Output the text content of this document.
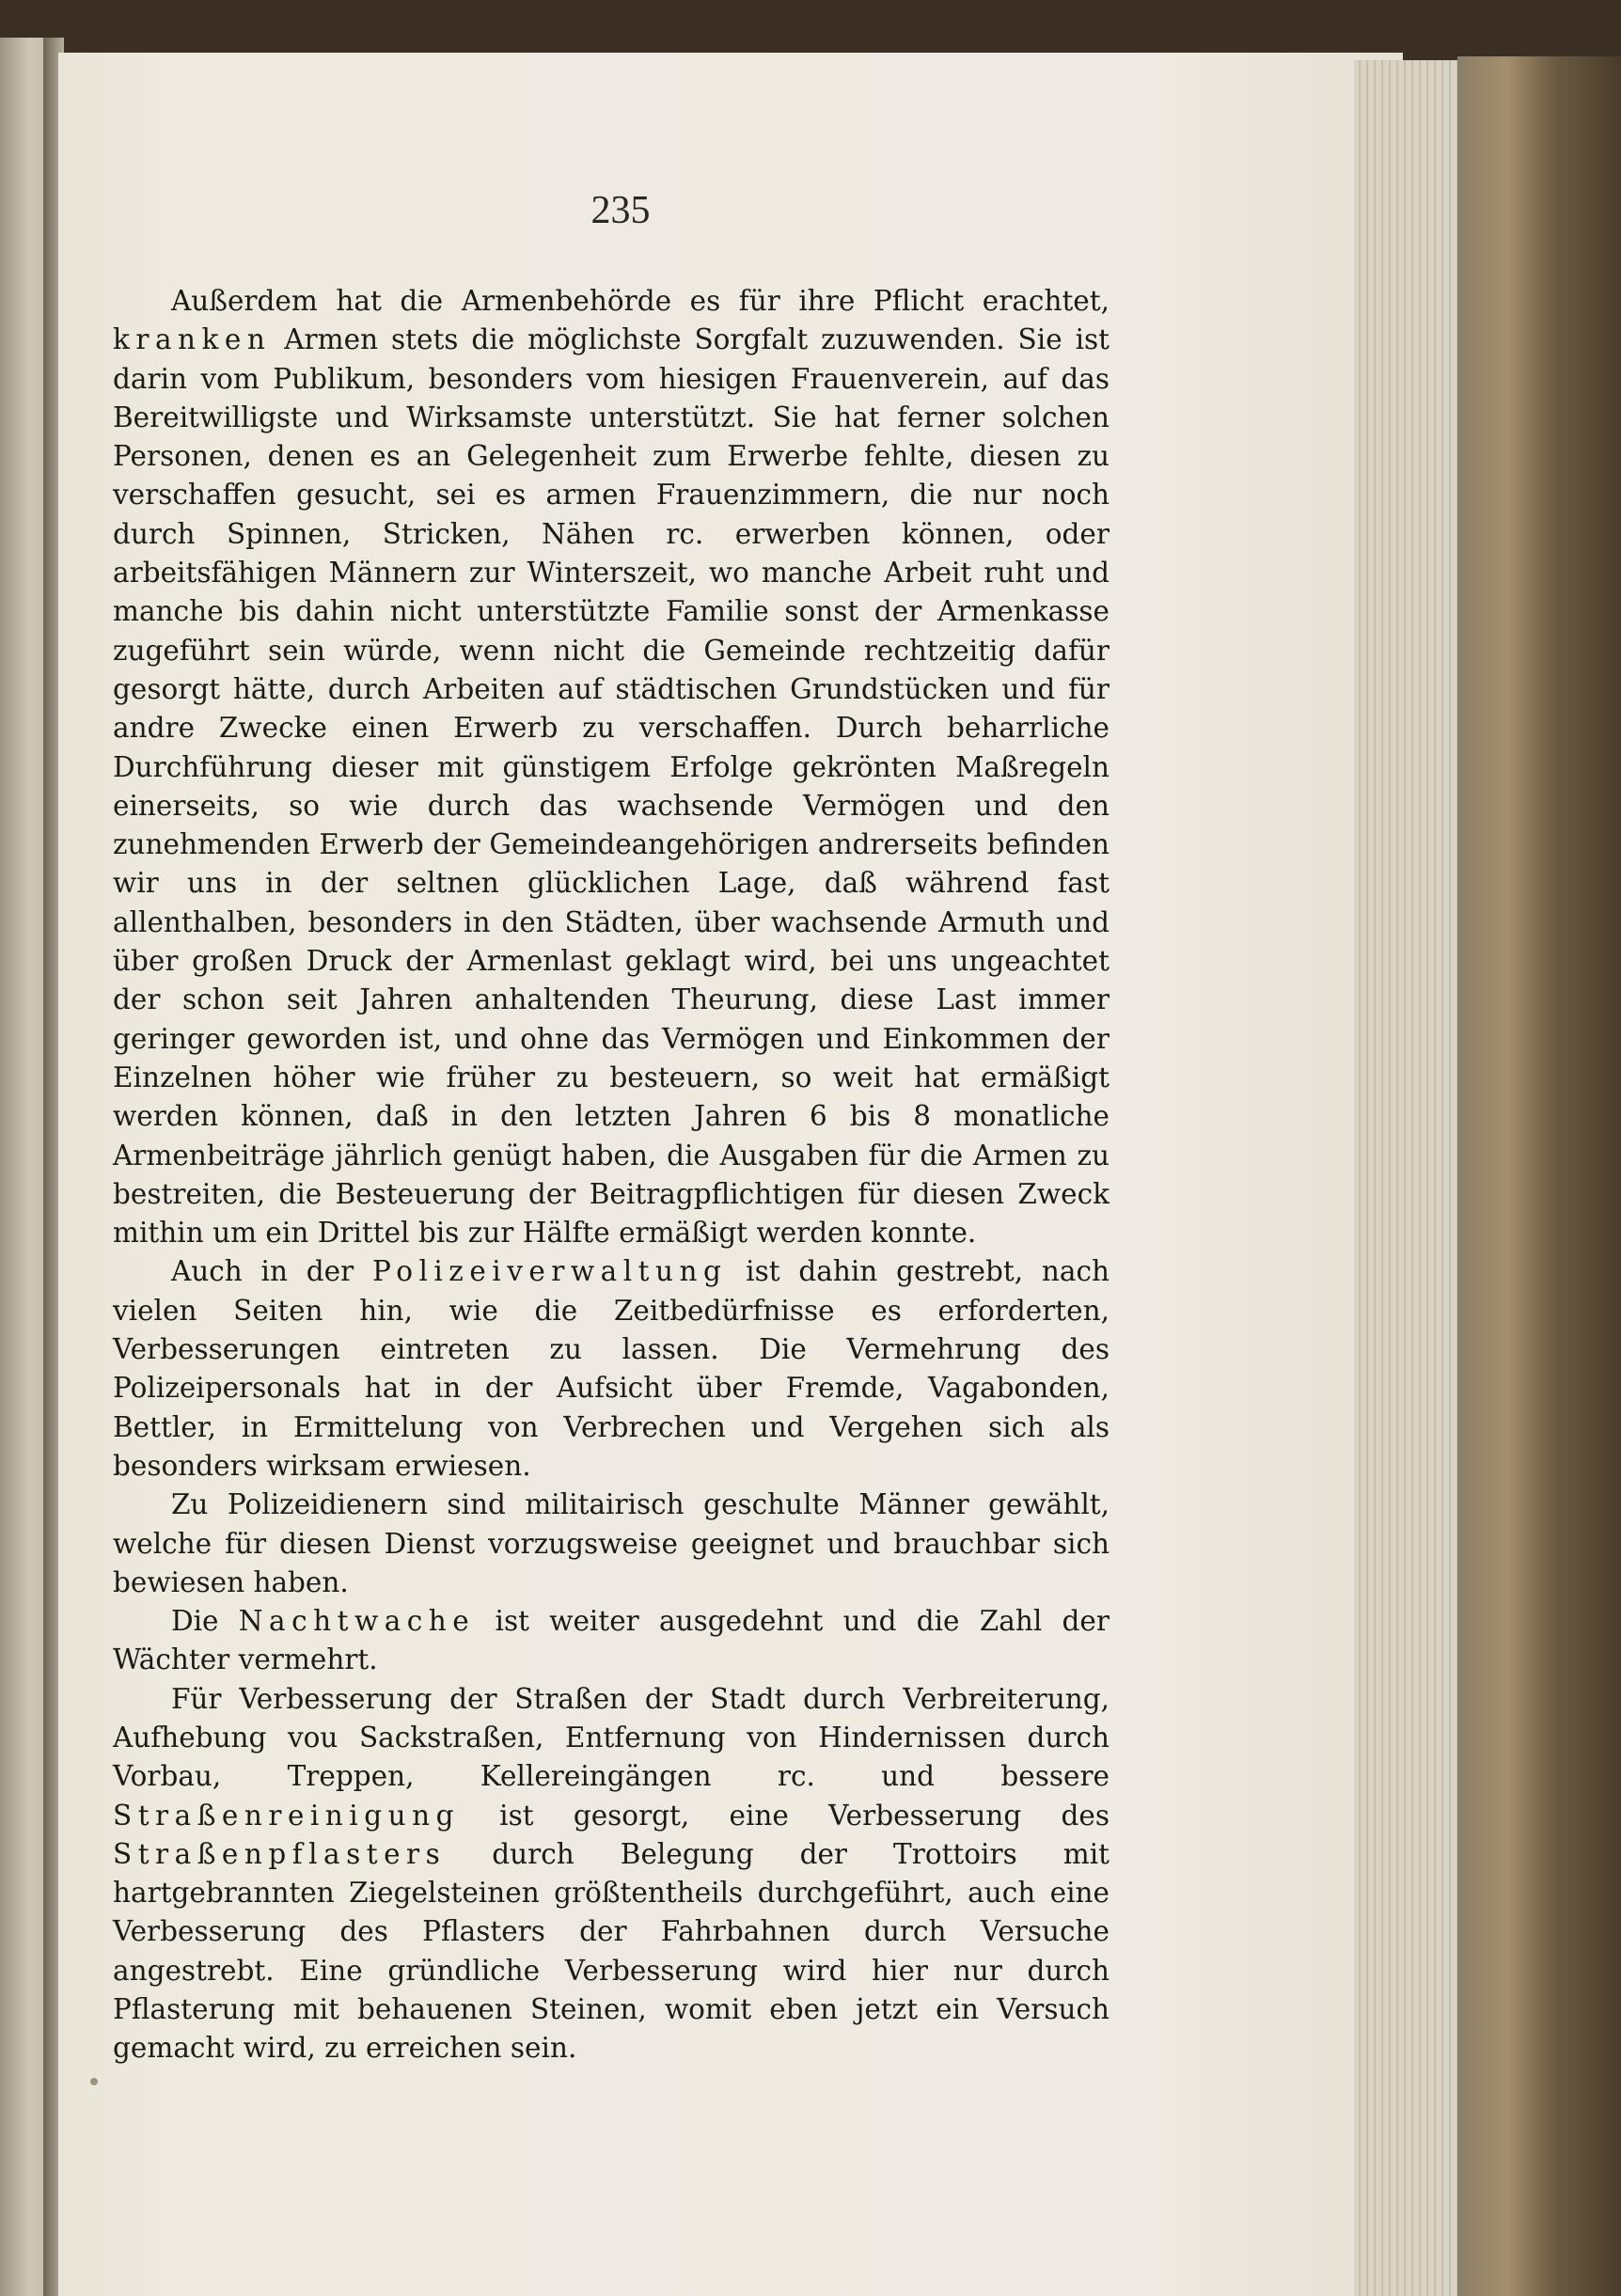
235

Außerdem hat die Armenbehörde es für ihre Pflicht erachtet, kranken Armen stets die möglichste Sorgfalt zuzuwenden. Sie ist darin vom Publikum, besonders vom hiesigen Frauenverein, auf das Bereitwilligste und Wirksamste unterstützt. Sie hat ferner solchen Personen, denen es an Gelegenheit zum Erwerbe fehlte, diesen zu verschaffen gesucht, sei es armen Frauenzimmern, die nur noch durch Spinnen, Stricken, Nähen rc. erwerben können, oder arbeitsfähigen Männern zur Winterszeit, wo manche Arbeit ruht und manche bis dahin nicht unterstützte Familie sonst der Armenkasse zugeführt sein würde, wenn nicht die Gemeinde rechtzeitig dafür gesorgt hätte, durch Arbeiten auf städtischen Grundstücken und für andre Zwecke einen Erwerb zu verschaffen. Durch beharrliche Durchführung dieser mit günstigem Erfolge gekrönten Maßregeln einerseits, so wie durch das wachsende Vermögen und den zunehmenden Erwerb der Gemeindeangehörigen andrerseits befinden wir uns in der seltnen glücklichen Lage, daß während fast allenthalben, besonders in den Städten, über wachsende Armuth und über großen Druck der Armenlast geklagt wird, bei uns ungeachtet der schon seit Jahren anhaltenden Theurung, diese Last immer geringer geworden ist, und ohne das Vermögen und Einkommen der Einzelnen höher wie früher zu besteuern, so weit hat ermäßigt werden können, daß in den letzten Jahren 6 bis 8 monatliche Armenbeiträge jährlich genügt haben, die Ausgaben für die Armen zu bestreiten, die Besteuerung der Beitragpflichtigen für diesen Zweck mithin um ein Drittel bis zur Hälfte ermäßigt werden konnte.

Auch in der Polizeiverwaltung ist dahin gestrebt, nach vielen Seiten hin, wie die Zeitbedürfnisse es erforderten, Verbesserungen eintreten zu lassen. Die Vermehrung des Polizeipersonals hat in der Aufsicht über Fremde, Vagabonden, Bettler, in Ermittelung von Verbrechen und Vergehen sich als besonders wirksam erwiesen.

Zu Polizeidienern sind militairisch geschulte Männer gewählt, welche für diesen Dienst vorzugsweise geeignet und brauchbar sich bewiesen haben.

Die Nachtwache ist weiter ausgedehnt und die Zahl der Wächter vermehrt.

Für Verbesserung der Straßen der Stadt durch Verbreiterung, Aufhebung vou Sackstraßen, Entfernung von Hindernissen durch Vorbau, Treppen, Kellereingängen rc. und bessere Straßenreinigung ist gesorgt, eine Verbesserung des Straßenpflasters durch Belegung der Trottoirs mit hartgebrannten Ziegelsteinen größtentheils durchgeführt, auch eine Verbesserung des Pflasters der Fahrbahnen durch Versuche angestrebt. Eine gründliche Verbesserung wird hier nur durch Pflasterung mit behauenen Steinen, womit eben jetzt ein Versuch gemacht wird, zu erreichen sein.
